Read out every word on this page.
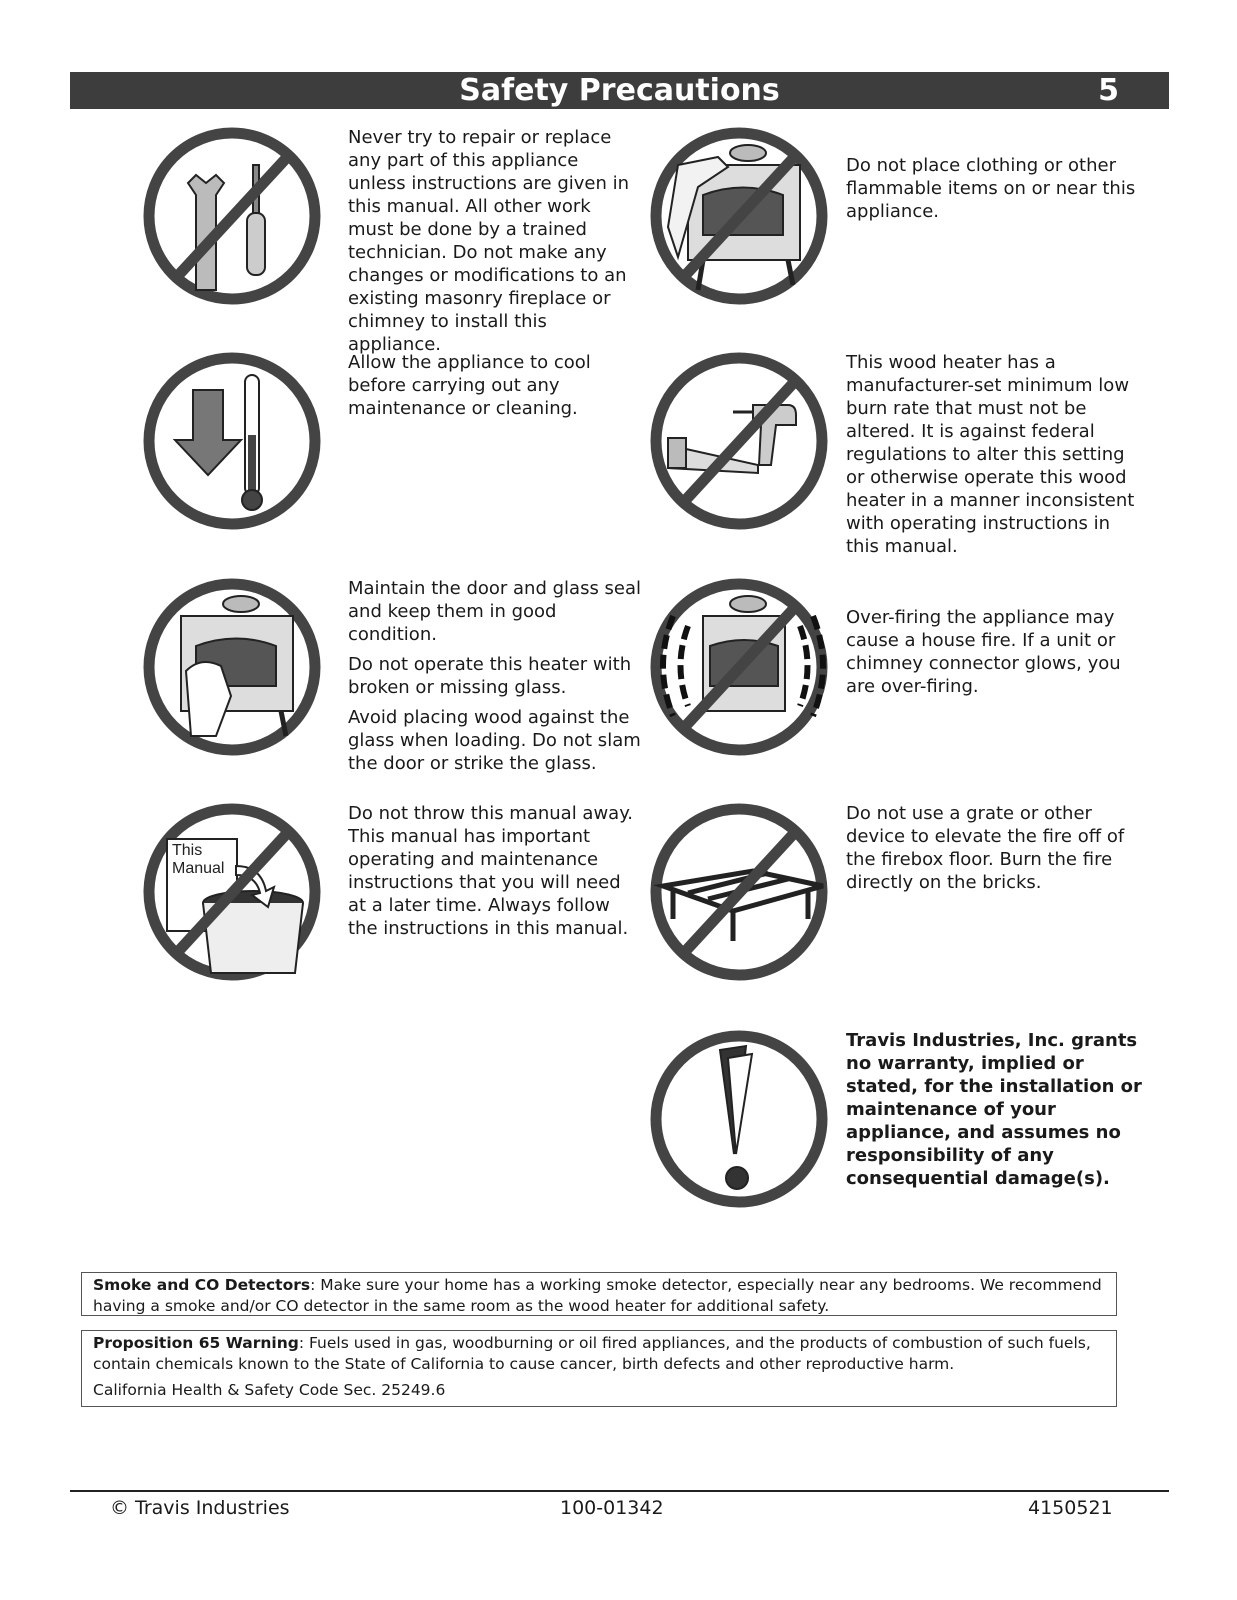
Safety Precautions	5

Never try to repair or replace any part of this appliance unless instructions are given in this manual. All other work must be done by a trained technician. Do not make any changes or modifications to an existing masonry fireplace or chimney to install this appliance.

Do not place clothing or other flammable items on or near this appliance.

Allow the appliance to cool before carrying out any maintenance or cleaning.

This wood heater has a manufacturer-set minimum low burn rate that must not be altered. It is against federal regulations to alter this setting or otherwise operate this wood heater in a manner inconsistent with operating instructions in this manual.

Maintain the door and glass seal and keep them in good condition.

Do not operate this heater with broken or missing glass.

Avoid placing wood against the glass when loading. Do not slam the door or strike the glass.

Over-firing the appliance may cause a house fire. If a unit or chimney connector glows, you are over-firing.

This
Manual

Do not throw this manual away. This manual has important operating and maintenance instructions that you will need at a later time. Always follow the instructions in this manual.

Do not use a grate or other device to elevate the fire off of the firebox floor. Burn the fire directly on the bricks.

Travis Industries, Inc. grants no warranty, implied or stated, for the installation or maintenance of your appliance, and assumes no responsibility of any consequential damage(s).

Smoke and CO Detectors: Make sure your home has a working smoke detector, especially near any bedrooms. We recommend having a smoke and/or CO detector in the same room as the wood heater for additional safety.
Proposition 65 Warning: Fuels used in gas, woodburning or oil fired appliances, and the products of combustion of such fuels, contain chemicals known to the State of California to cause cancer, birth defects and other reproductive harm.
California Health & Safety Code Sec. 25249.6
© Travis Industries	100-01342	4150521
